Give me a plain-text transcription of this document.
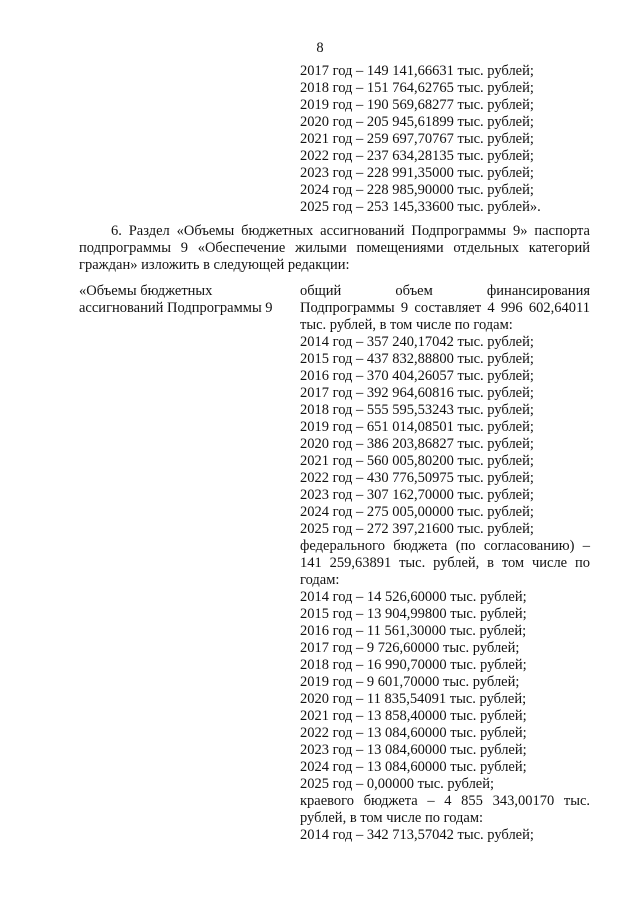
8
2017 год – 149 141,66631 тыс. рублей;
2018 год – 151 764,62765 тыс. рублей;
2019 год – 190 569,68277 тыс. рублей;
2020 год – 205 945,61899 тыс. рублей;
2021 год – 259 697,70767 тыс. рублей;
2022 год – 237 634,28135 тыс. рублей;
2023 год – 228 991,35000 тыс. рублей;
2024 год – 228 985,90000 тыс. рублей;
2025 год – 253 145,33600 тыс. рублей».
6. Раздел «Объемы бюджетных ассигнований Подпрограммы 9» паспорта
подпрограммы 9 «Обеспечение жилыми помещениями отдельных категорий
граждан» изложить в следующей редакции:
«Объемы бюджетных
ассигнований Подпрограммы 9
общий объем финансирования
Подпрограммы 9 составляет 4 996 602,64011
тыс. рублей, в том числе по годам:
2014 год – 357 240,17042 тыс. рублей;
2015 год – 437 832,88800 тыс. рублей;
2016 год – 370 404,26057 тыс. рублей;
2017 год – 392 964,60816 тыс. рублей;
2018 год – 555 595,53243 тыс. рублей;
2019 год – 651 014,08501 тыс. рублей;
2020 год – 386 203,86827 тыс. рублей;
2021 год – 560 005,80200 тыс. рублей;
2022 год – 430 776,50975 тыс. рублей;
2023 год – 307 162,70000 тыс. рублей;
2024 год – 275 005,00000 тыс. рублей;
2025 год – 272 397,21600 тыс. рублей;
федерального бюджета (по согласованию) –
141 259,63891 тыс. рублей, в том числе по
годам:
2014 год – 14 526,60000 тыс. рублей;
2015 год – 13 904,99800 тыс. рублей;
2016 год – 11 561,30000 тыс. рублей;
2017 год – 9 726,60000 тыс. рублей;
2018 год – 16 990,70000 тыс. рублей;
2019 год – 9 601,70000 тыс. рублей;
2020 год – 11 835,54091 тыс. рублей;
2021 год – 13 858,40000 тыс. рублей;
2022 год – 13 084,60000 тыс. рублей;
2023 год – 13 084,60000 тыс. рублей;
2024 год – 13 084,60000 тыс. рублей;
2025 год – 0,00000 тыс. рублей;
краевого бюджета – 4 855 343,00170 тыс.
рублей, в том числе по годам:
2014 год – 342 713,57042 тыс. рублей;
